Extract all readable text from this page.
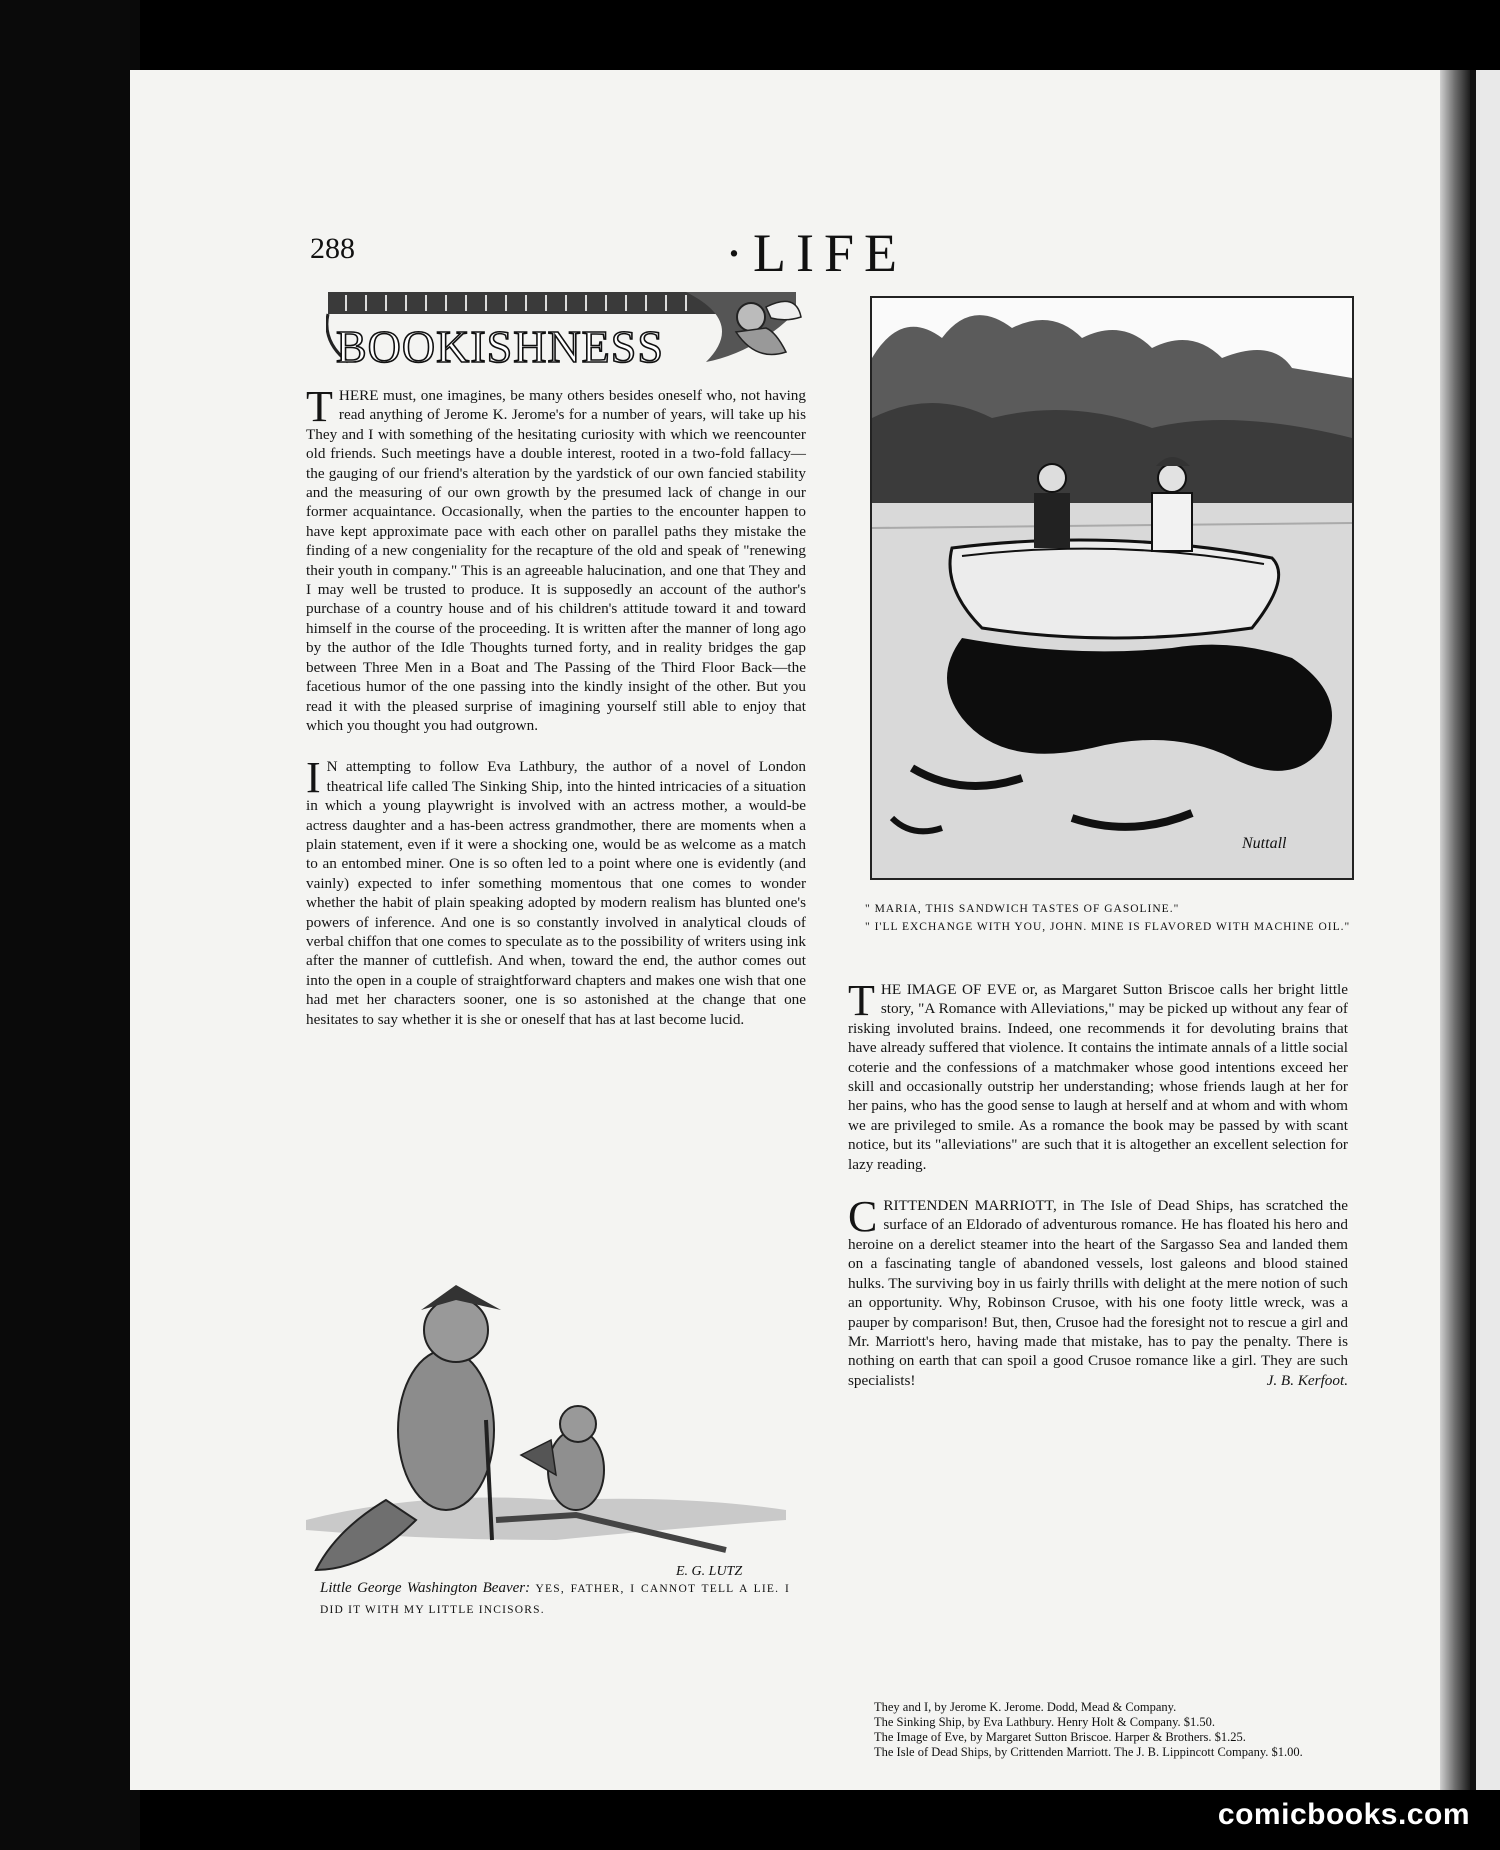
288	·LIFE
BOOKISHNESS

T HERE must, one imagines, be many others besides oneself who, not having read anything of Jerome K. Jerome's for a number of years, will take up his They and I with something of the hesitating curiosity with which we reencounter old friends. Such meetings have a double interest, rooted in a two-fold fallacy—the gauging of our friend's alteration by the yardstick of our own fancied stability and the measuring of our own growth by the presumed lack of change in our former acquaintance. Occasionally, when the parties to the encounter happen to have kept approximate pace with each other on parallel paths they mistake the finding of a new congeniality for the recapture of the old and speak of "renewing their youth in company." This is an agreeable halucination, and one that They and I may well be trusted to produce. It is supposedly an account of the author's purchase of a country house and of his children's attitude toward it and toward himself in the course of the proceeding. It is written after the manner of long ago by the author of the Idle Thoughts turned forty, and in reality bridges the gap between Three Men in a Boat and The Passing of the Third Floor Back—the facetious humor of the one passing into the kindly insight of the other. But you read it with the pleased surprise of imagining yourself still able to enjoy that which you thought you had outgrown.

I N attempting to follow Eva Lathbury, the author of a novel of London theatrical life called The Sinking Ship, into the hinted intricacies of a situation in which a young playwright is involved with an actress mother, a would-be actress daughter and a has-been actress grandmother, there are moments when a plain statement, even if it were a shocking one, would be as welcome as a match to an entombed miner. One is so often led to a point where one is evidently (and vainly) expected to infer something momentous that one comes to wonder whether the habit of plain speaking adopted by modern realism has blunted one's powers of inference. And one is so constantly involved in analytical clouds of verbal chiffon that one comes to speculate as to the possibility of writers using ink after the manner of cuttlefish. And when, toward the end, the author comes out into the open in a couple of straightforward chapters and makes one wish that one had met her characters sooner, one is so astonished at the change that one hesitates to say whether it is she or oneself that has at last become lucid.

Nuttall
" MARIA, THIS SANDWICH TASTES OF GASOLINE."
" I'LL EXCHANGE WITH YOU, JOHN. MINE IS FLAVORED WITH MACHINE OIL."

T HE IMAGE OF EVE or, as Margaret Sutton Briscoe calls her bright little story, "A Romance with Alleviations," may be picked up without any fear of risking involuted brains. Indeed, one recommends it for devoluting brains that have already suffered that violence. It contains the intimate annals of a little social coterie and the confessions of a matchmaker whose good intentions exceed her skill and occasionally outstrip her understanding; whose friends laugh at her for her pains, who has the good sense to laugh at herself and at whom and with whom we are privileged to smile. As a romance the book may be passed by with scant notice, but its "alleviations" are such that it is altogether an excellent selection for lazy reading.

C RITTENDEN MARRIOTT, in The Isle of Dead Ships, has scratched the surface of an Eldorado of adventurous romance. He has floated his hero and heroine on a derelict steamer into the heart of the Sargasso Sea and landed them on a fascinating tangle of abandoned vessels, lost galeons and blood stained hulks. The surviving boy in us fairly thrills with delight at the mere notion of such an opportunity. Why, Robinson Crusoe, with his one footy little wreck, was a pauper by comparison! But, then, Crusoe had the foresight not to rescue a girl and Mr. Marriott's hero, having made that mistake, has to pay the penalty. There is nothing on earth that can spoil a good Crusoe romance like a girl. They are such specialists!	J. B. Kerfoot.

E. G. LUTZ
Little George Washington Beaver: YES, FATHER, I CANNOT TELL A LIE. I DID IT WITH MY LITTLE INCISORS.
They and I, by Jerome K. Jerome. Dodd, Mead & Company.
The Sinking Ship, by Eva Lathbury. Henry Holt & Company. $1.50.
The Image of Eve, by Margaret Sutton Briscoe. Harper & Brothers. $1.25.
The Isle of Dead Ships, by Crittenden Marriott. The J. B. Lippincott Company. $1.00.
comicbooks.com
